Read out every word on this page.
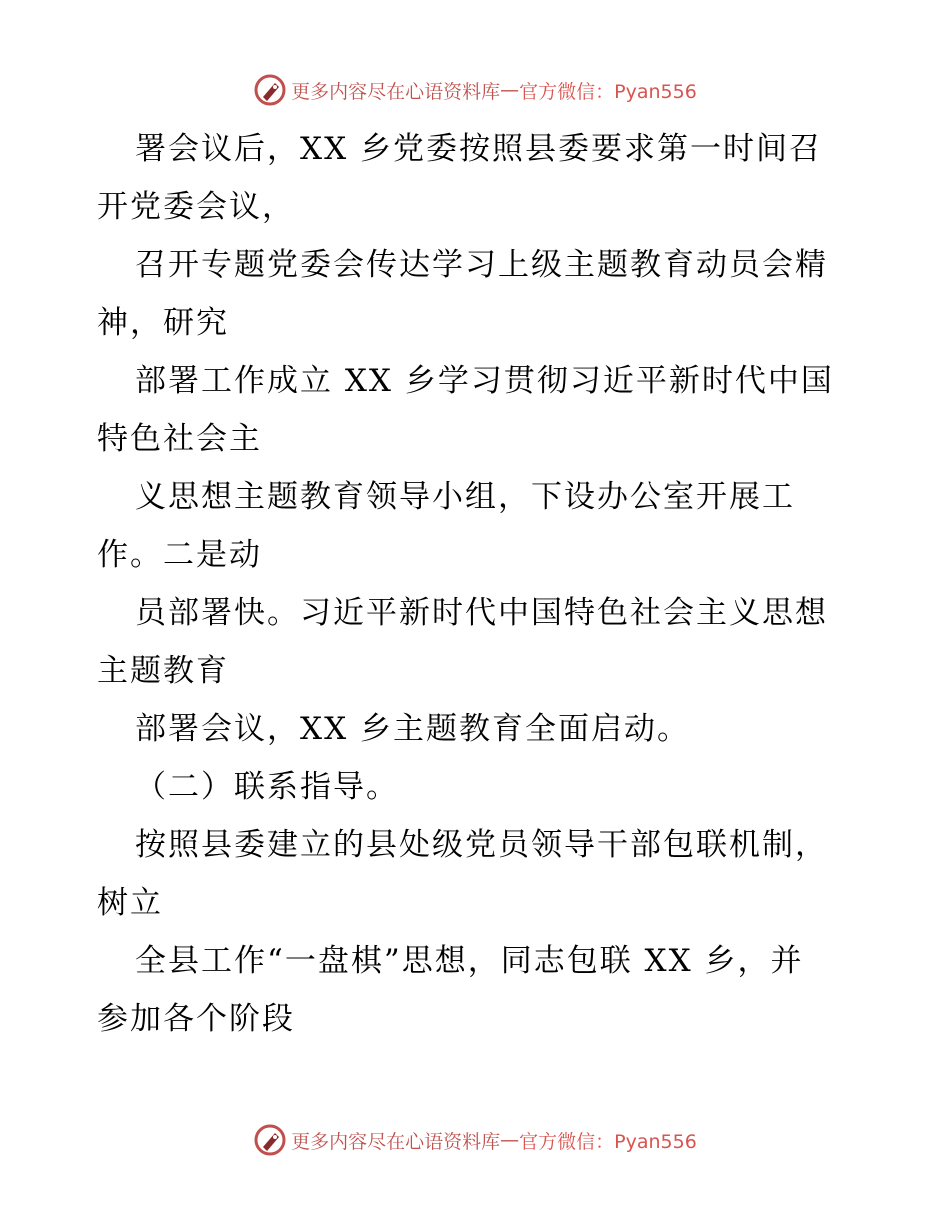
更多内容尽在心语资料库 — 官方微信：Pyan556

署会议后，XX 乡党委按照县委要求第一时间召
开党委会议，

召开专题党委会传达学习上级主题教育动员会精
神，研究

部署工作成立 XX 乡学习贯彻习近平新时代中国
特色社会主

义思想主题教育领导小组，下设办公室开展工
作。二是动

员部署快。习近平新时代中国特色社会主义思想
主题教育

部署会议，XX 乡主题教育全面启动。

（二）联系指导。

按照县委建立的县处级党员领导干部包联机制，
树立

全县工作“一盘棋”思想，同志包联 XX 乡，并
参加各个阶段

更多内容尽在心语资料库 — 官方微信：Pyan556
